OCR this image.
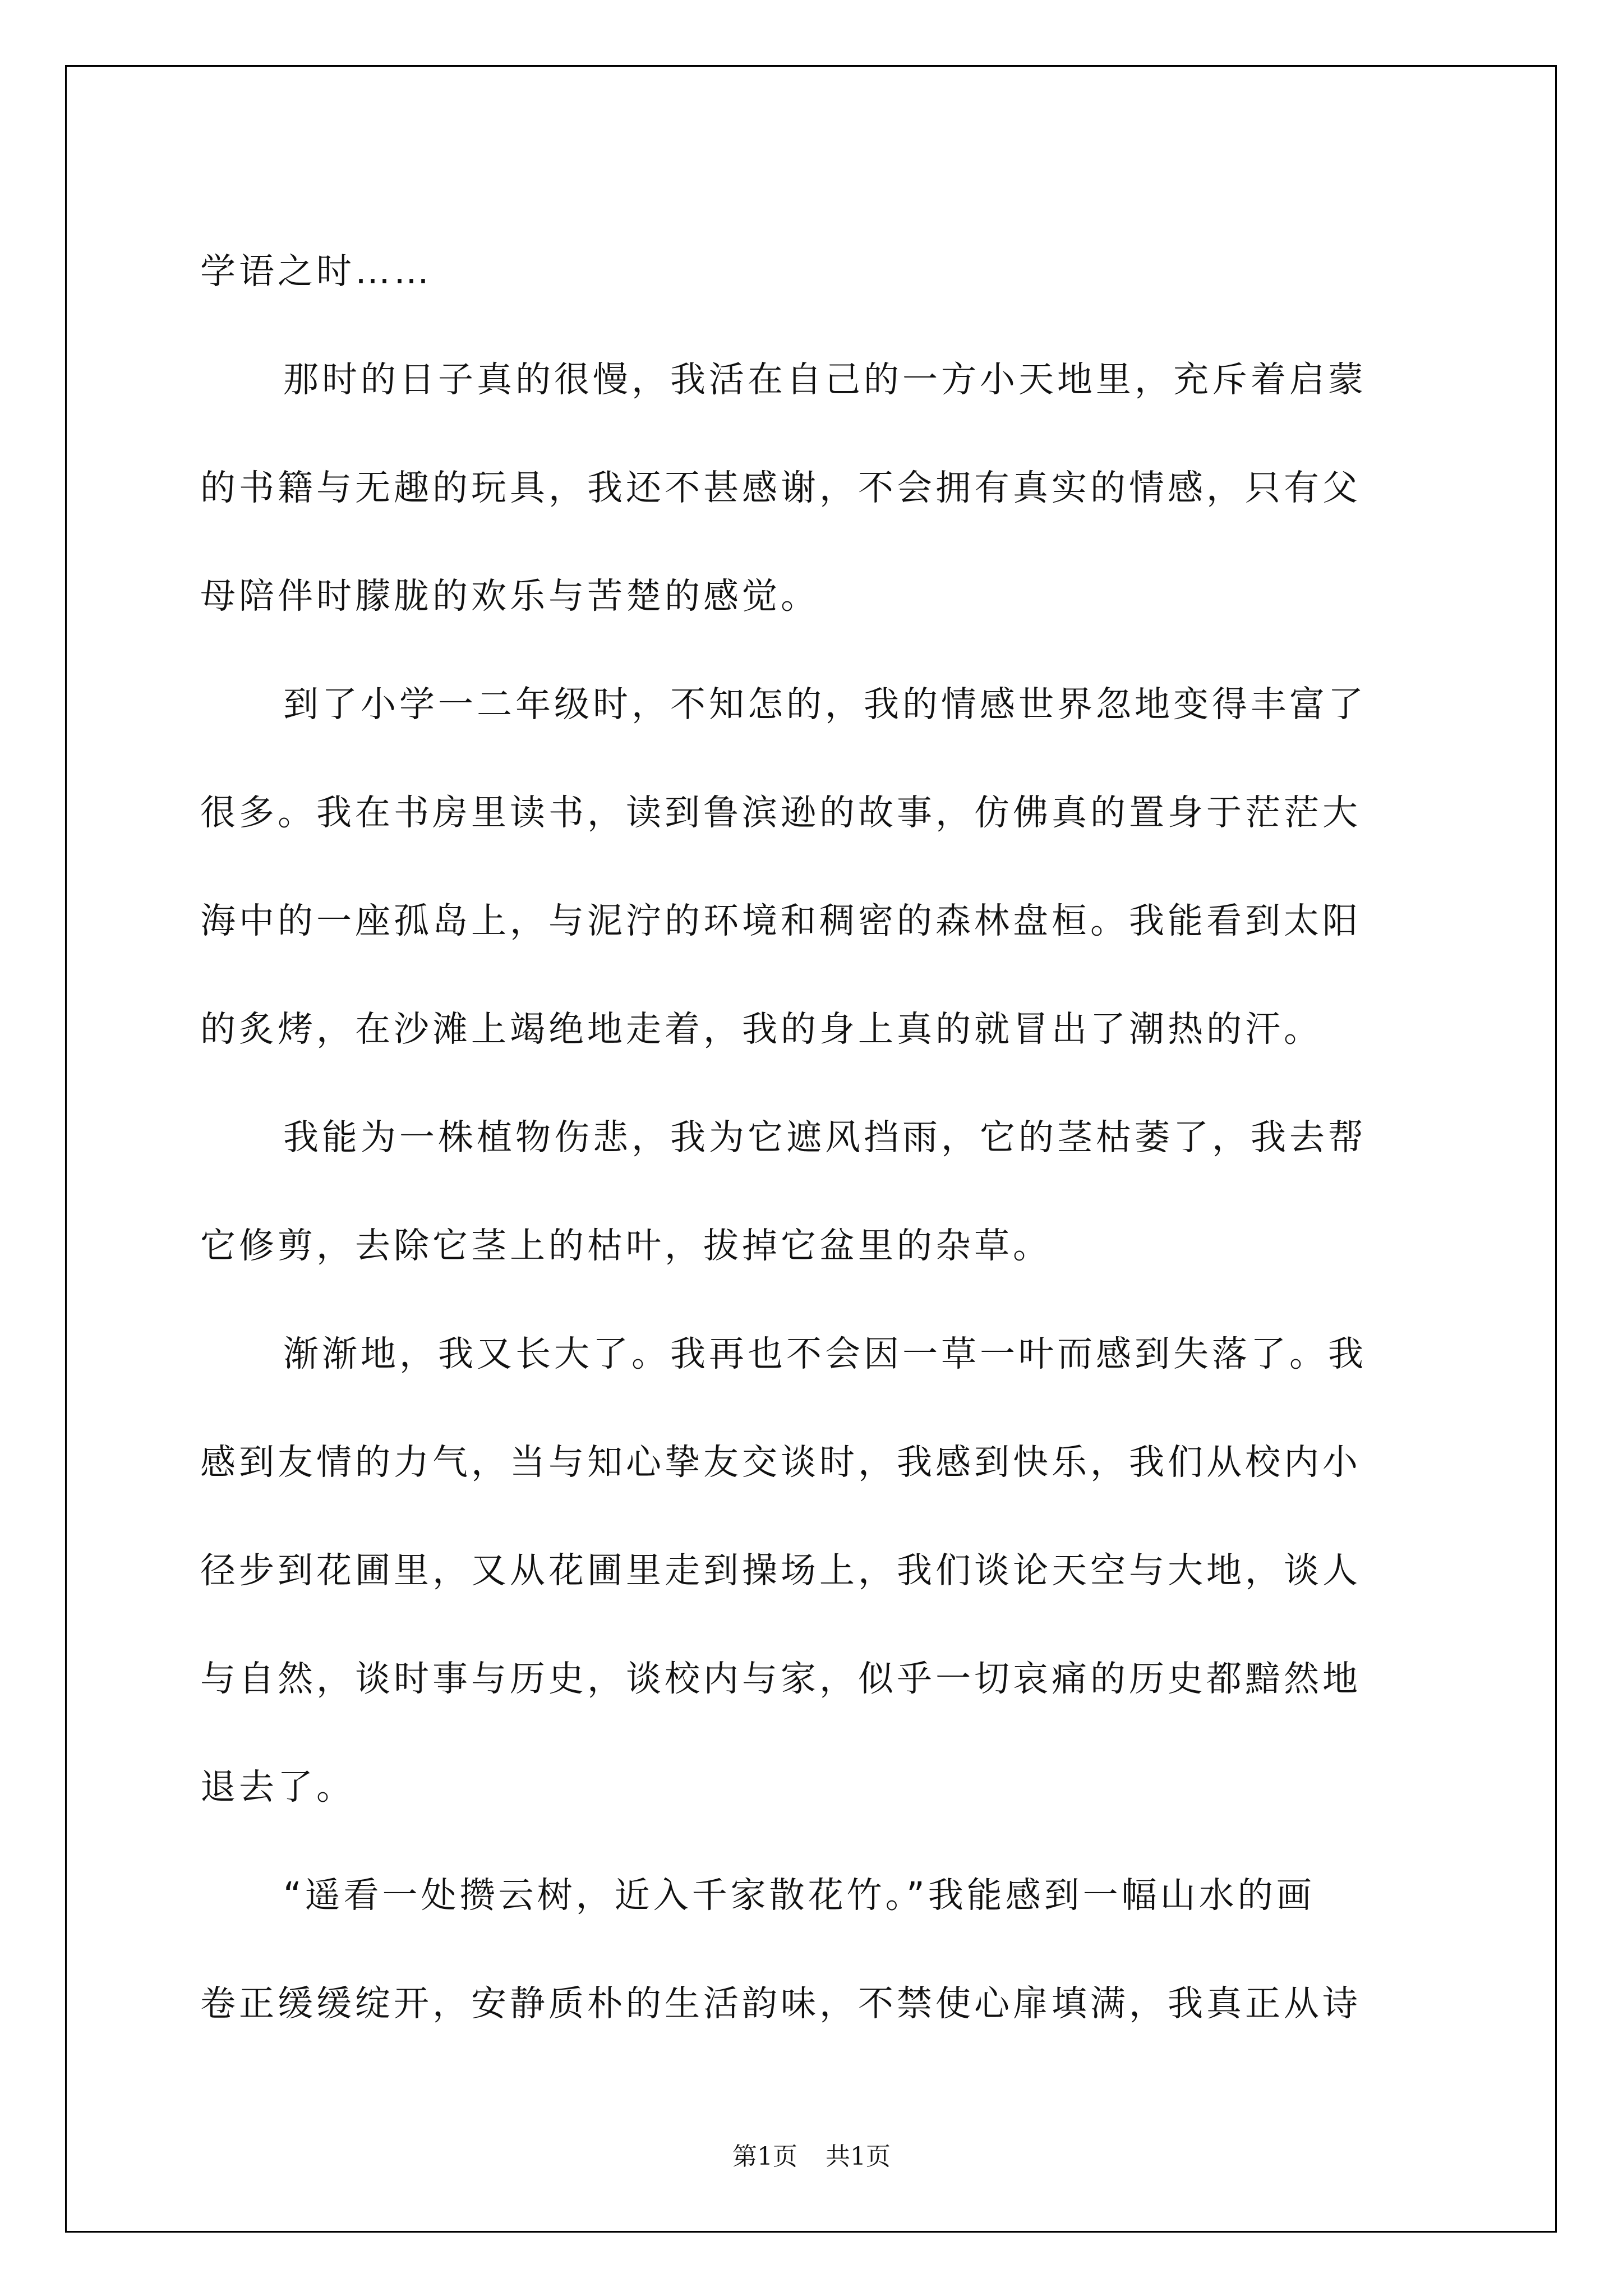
学语之时……
那时的日子真的很慢，我活在自己的一方小天地里，充斥着启蒙
的书籍与无趣的玩具，我还不甚感谢，不会拥有真实的情感，只有父
母陪伴时朦胧的欢乐与苦楚的感觉。
到了小学一二年级时，不知怎的，我的情感世界忽地变得丰富了
很多。我在书房里读书，读到鲁滨逊的故事，仿佛真的置身于茫茫大
海中的一座孤岛上，与泥泞的环境和稠密的森林盘桓。我能看到太阳
的炙烤，在沙滩上竭绝地走着，我的身上真的就冒出了潮热的汗。
我能为一株植物伤悲，我为它遮风挡雨，它的茎枯萎了，我去帮
它修剪，去除它茎上的枯叶，拔掉它盆里的杂草。
渐渐地，我又长大了。我再也不会因一草一叶而感到失落了。我
感到友情的力气，当与知心挚友交谈时，我感到快乐，我们从校内小
径步到花圃里，又从花圃里走到操场上，我们谈论天空与大地，谈人
与自然，谈时事与历史，谈校内与家，似乎一切哀痛的历史都黯然地
退去了。
“遥看一处攒云树，近入千家散花竹。”我能感到一幅山水的画
卷正缓缓绽开，安静质朴的生活韵味，不禁使心扉填满，我真正从诗
第1页 共1页
